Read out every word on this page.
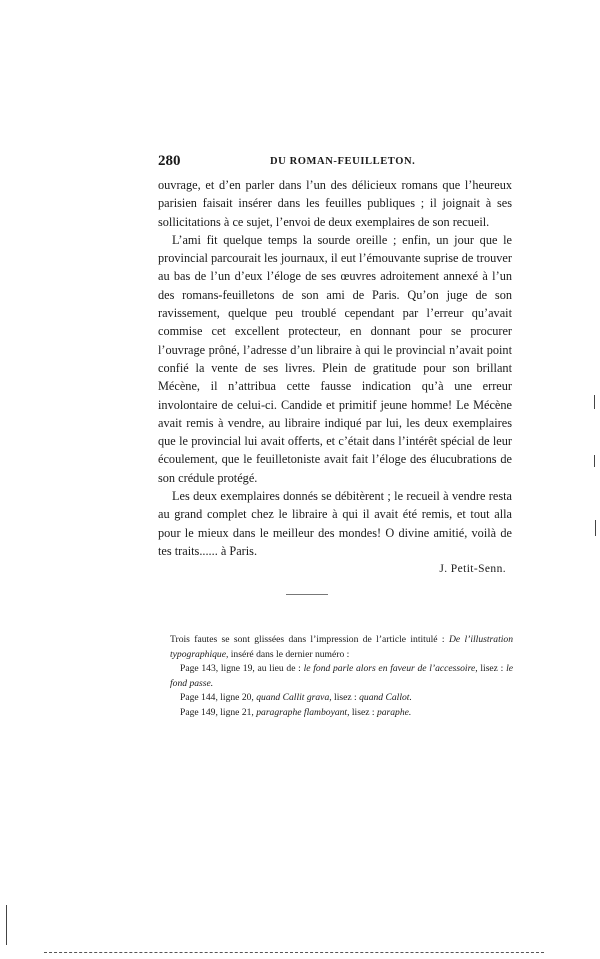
280	DU ROMAN-FEUILLETON.

ouvrage, et d’en parler dans l’un des délicieux romans que l’heureux parisien faisait insérer dans les feuilles publiques ; il joignait à ses sollicitations à ce sujet, l’envoi de deux exemplaires de son recueil.

L’ami fit quelque temps la sourde oreille ; enfin, un jour que le provincial parcourait les journaux, il eut l’émouvante suprise de trouver au bas de l’un d’eux l’éloge de ses œuvres adroitement annexé à l’un des romans-feuilletons de son ami de Paris. Qu’on juge de son ravissement, quelque peu troublé cependant par l’erreur qu’avait commise cet excellent protecteur, en donnant pour se procurer l’ouvrage prôné, l’adresse d’un libraire à qui le provincial n’avait point confié la vente de ses livres. Plein de gratitude pour son brillant Mécène, il n’attribua cette fausse indication qu’à une erreur involontaire de celui-ci. Candide et primitif jeune homme! Le Mécène avait remis à vendre, au libraire indiqué par lui, les deux exemplaires que le provincial lui avait offerts, et c’était dans l’intérêt spécial de leur écoulement, que le feuilletoniste avait fait l’éloge des élucubrations de son crédule protégé.

Les deux exemplaires donnés se débitèrent ; le recueil à vendre resta au grand complet chez le libraire à qui il avait été remis, et tout alla pour le mieux dans le meilleur des mondes! O divine amitié, voilà de tes traits...... à Paris.

J. Petit-Senn.

Trois fautes se sont glissées dans l’impression de l’article intitulé : De l’illustration typographique, inséré dans le dernier numéro :

Page 143, ligne 19, au lieu de : le fond parle alors en faveur de l’accessoire, lisez : le fond passe.

Page 144, ligne 20, quand Callit grava, lisez : quand Callot.

Page 149, ligne 21, paragraphe flamboyant, lisez : paraphe.
